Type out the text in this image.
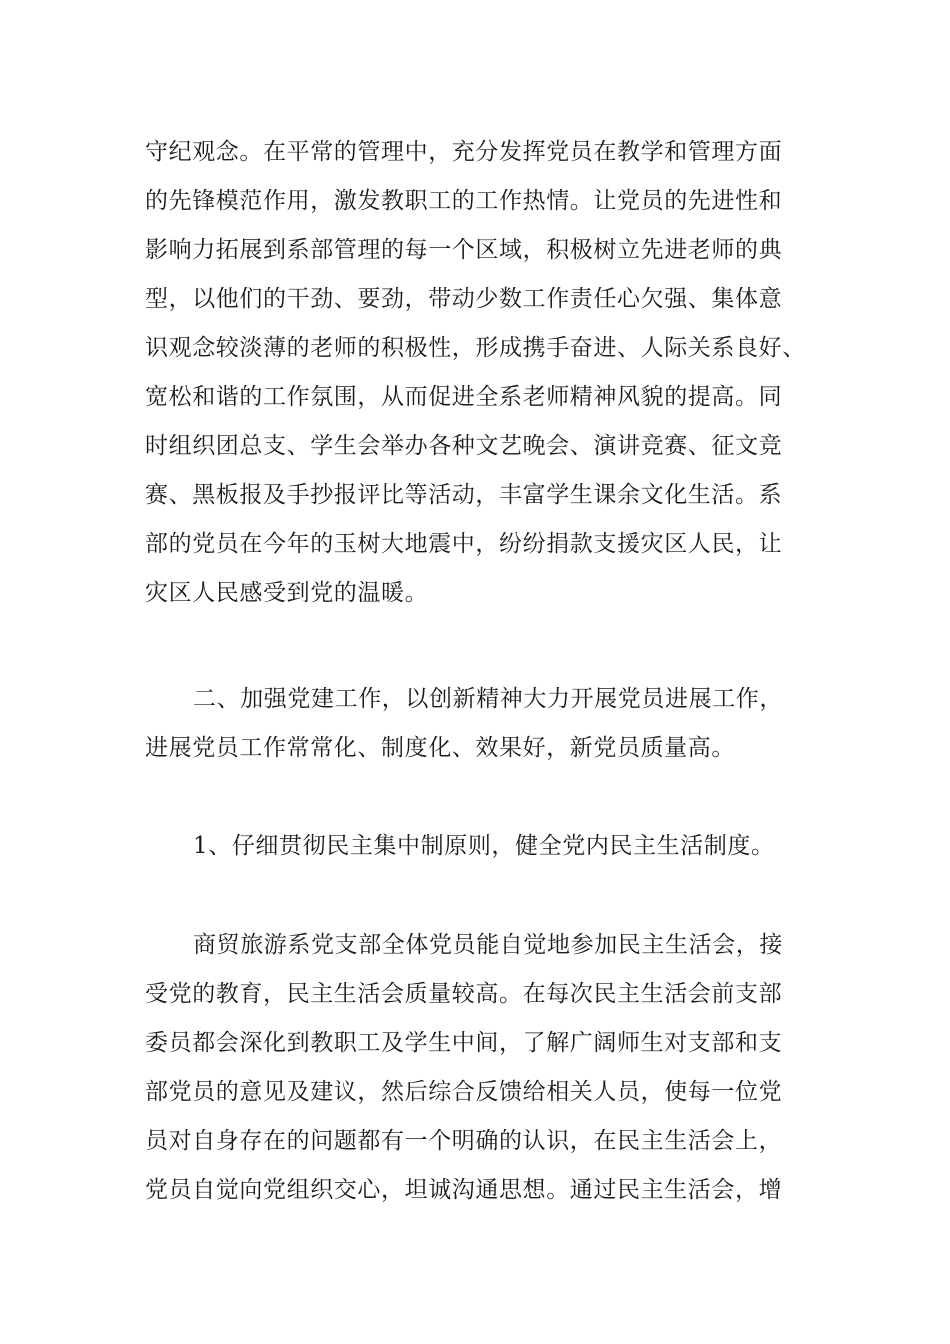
守纪观念。在平常的管理中，充分发挥党员在教学和管理方面
的先锋模范作用，激发教职工的工作热情。让党员的先进性和
影响力拓展到系部管理的每一个区域，积极树立先进老师的典
型，以他们的干劲、要劲，带动少数工作责任心欠强、集体意
识观念较淡薄的老师的积极性，形成携手奋进、人际关系良好、
宽松和谐的工作氛围，从而促进全系老师精神风貌的提高。同
时组织团总支、学生会举办各种文艺晚会、演讲竞赛、征文竞
赛、黑板报及手抄报评比等活动，丰富学生课余文化生活。系
部的党员在今年的玉树大地震中，纷纷捐款支援灾区人民，让
灾区人民感受到党的温暖。
二、加强党建工作，以创新精神大力开展党员进展工作，
进展党员工作常常化、制度化、效果好，新党员质量高。
1、仔细贯彻民主集中制原则，健全党内民主生活制度。
商贸旅游系党支部全体党员能自觉地参加民主生活会，接
受党的教育，民主生活会质量较高。在每次民主生活会前支部
委员都会深化到教职工及学生中间，了解广阔师生对支部和支
部党员的意见及建议，然后综合反馈给相关人员，使每一位党
员对自身存在的问题都有一个明确的认识，在民主生活会上，
党员自觉向党组织交心，坦诚沟通思想。通过民主生活会，增
